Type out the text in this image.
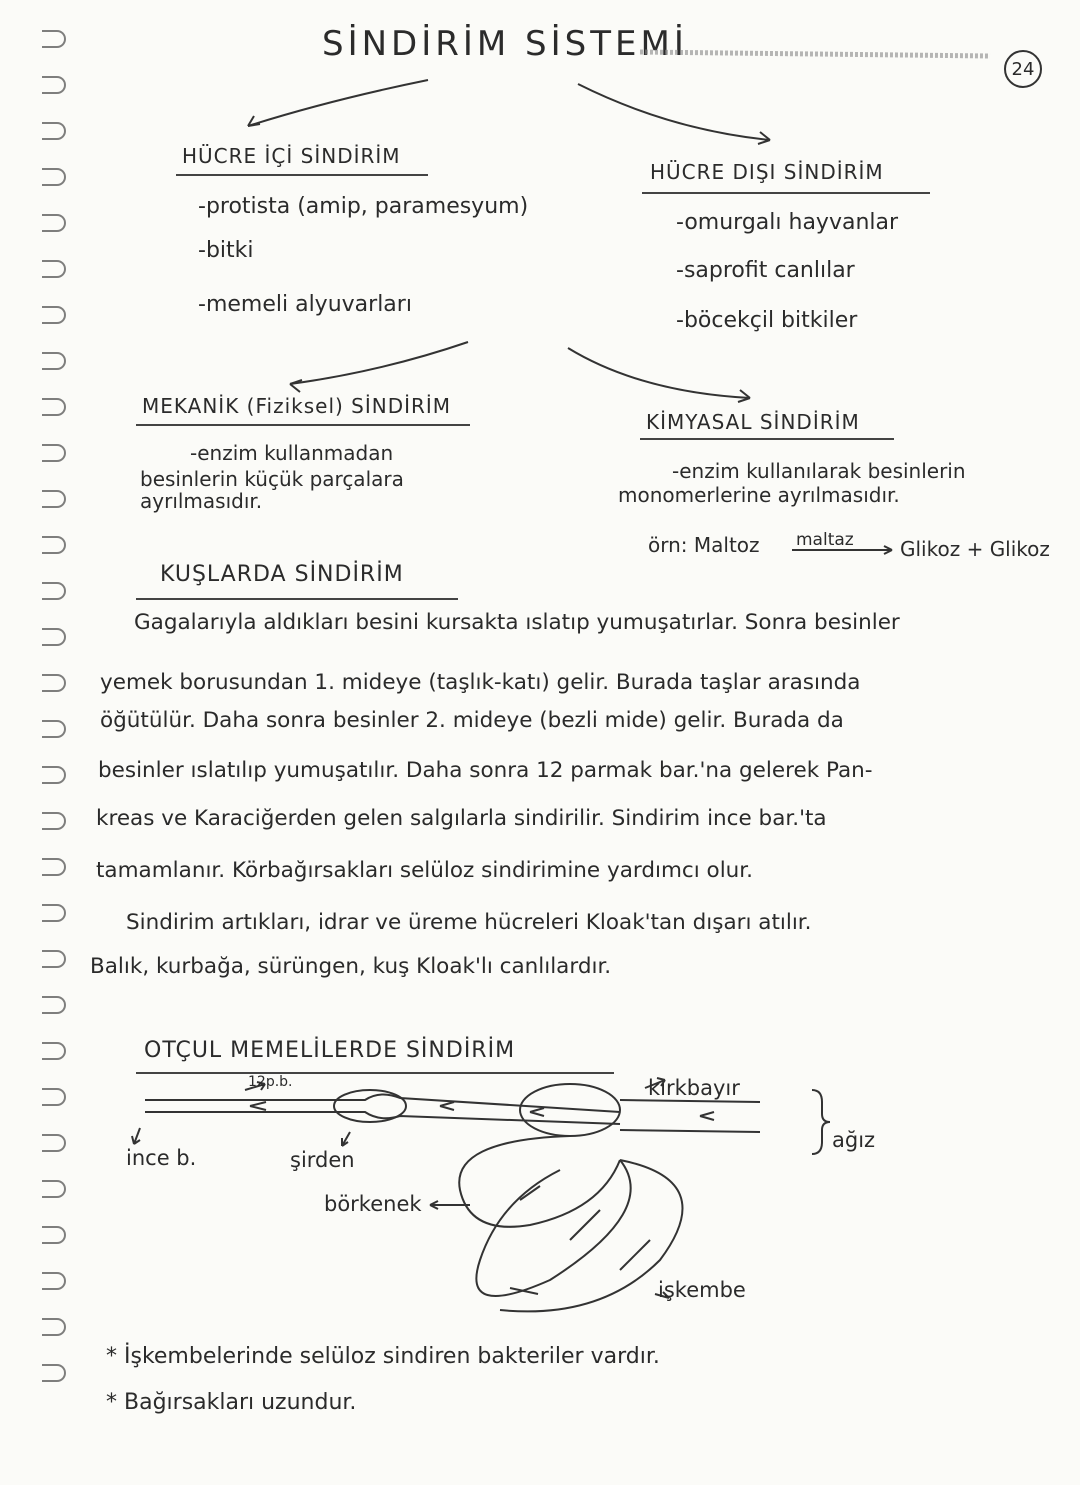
SİNDİRİM SİSTEMİ
24
HÜCRE İÇİ SİNDİRİM
-protista (amip, paramesyum)
-bitki
-memeli alyuvarları
HÜCRE DIŞI SİNDİRİM
-omurgalı hayvanlar
-saprofit canlılar
-böcekçil bitkiler
MEKANİK (Fiziksel) SİNDİRİM
-enzim kullanmadan
besinlerin küçük parçalara
ayrılmasıdır.
KİMYASAL SİNDİRİM
-enzim kullanılarak besinlerin
monomerlerine ayrılmasıdır.
örn: Maltoz maltaz Glikoz + Glikoz
KUŞLARDA SİNDİRİM
Gagalarıyla aldıkları besini kursakta ıslatıp yumuşatırlar. Sonra besinler
yemek borusundan 1. mideye (taşlık-katı) gelir. Burada taşlar arasında
öğütülür. Daha sonra besinler 2. mideye (bezli mide) gelir. Burada da
besinler ıslatılıp yumuşatılır. Daha sonra 12 parmak bar.'na gelerek Pan-
kreas ve Karaciğerden gelen salgılarla sindirilir. Sindirim ince bar.'ta
tamamlanır. Körbağırsakları selüloz sindirimine yardımcı olur.
Sindirim artıkları, idrar ve üreme hücreleri Kloak'tan dışarı atılır.
Balık, kurbağa, sürüngen, kuş Kloak'lı canlılardır.
OTÇUL MEMELİLERDE SİNDİRİM
12p.b.	kırkbayır
ağız
ince b.	şirden
börkenek
işkembe
* İşkembelerinde selüloz sindiren bakteriler vardır.
* Bağırsakları uzundur.
